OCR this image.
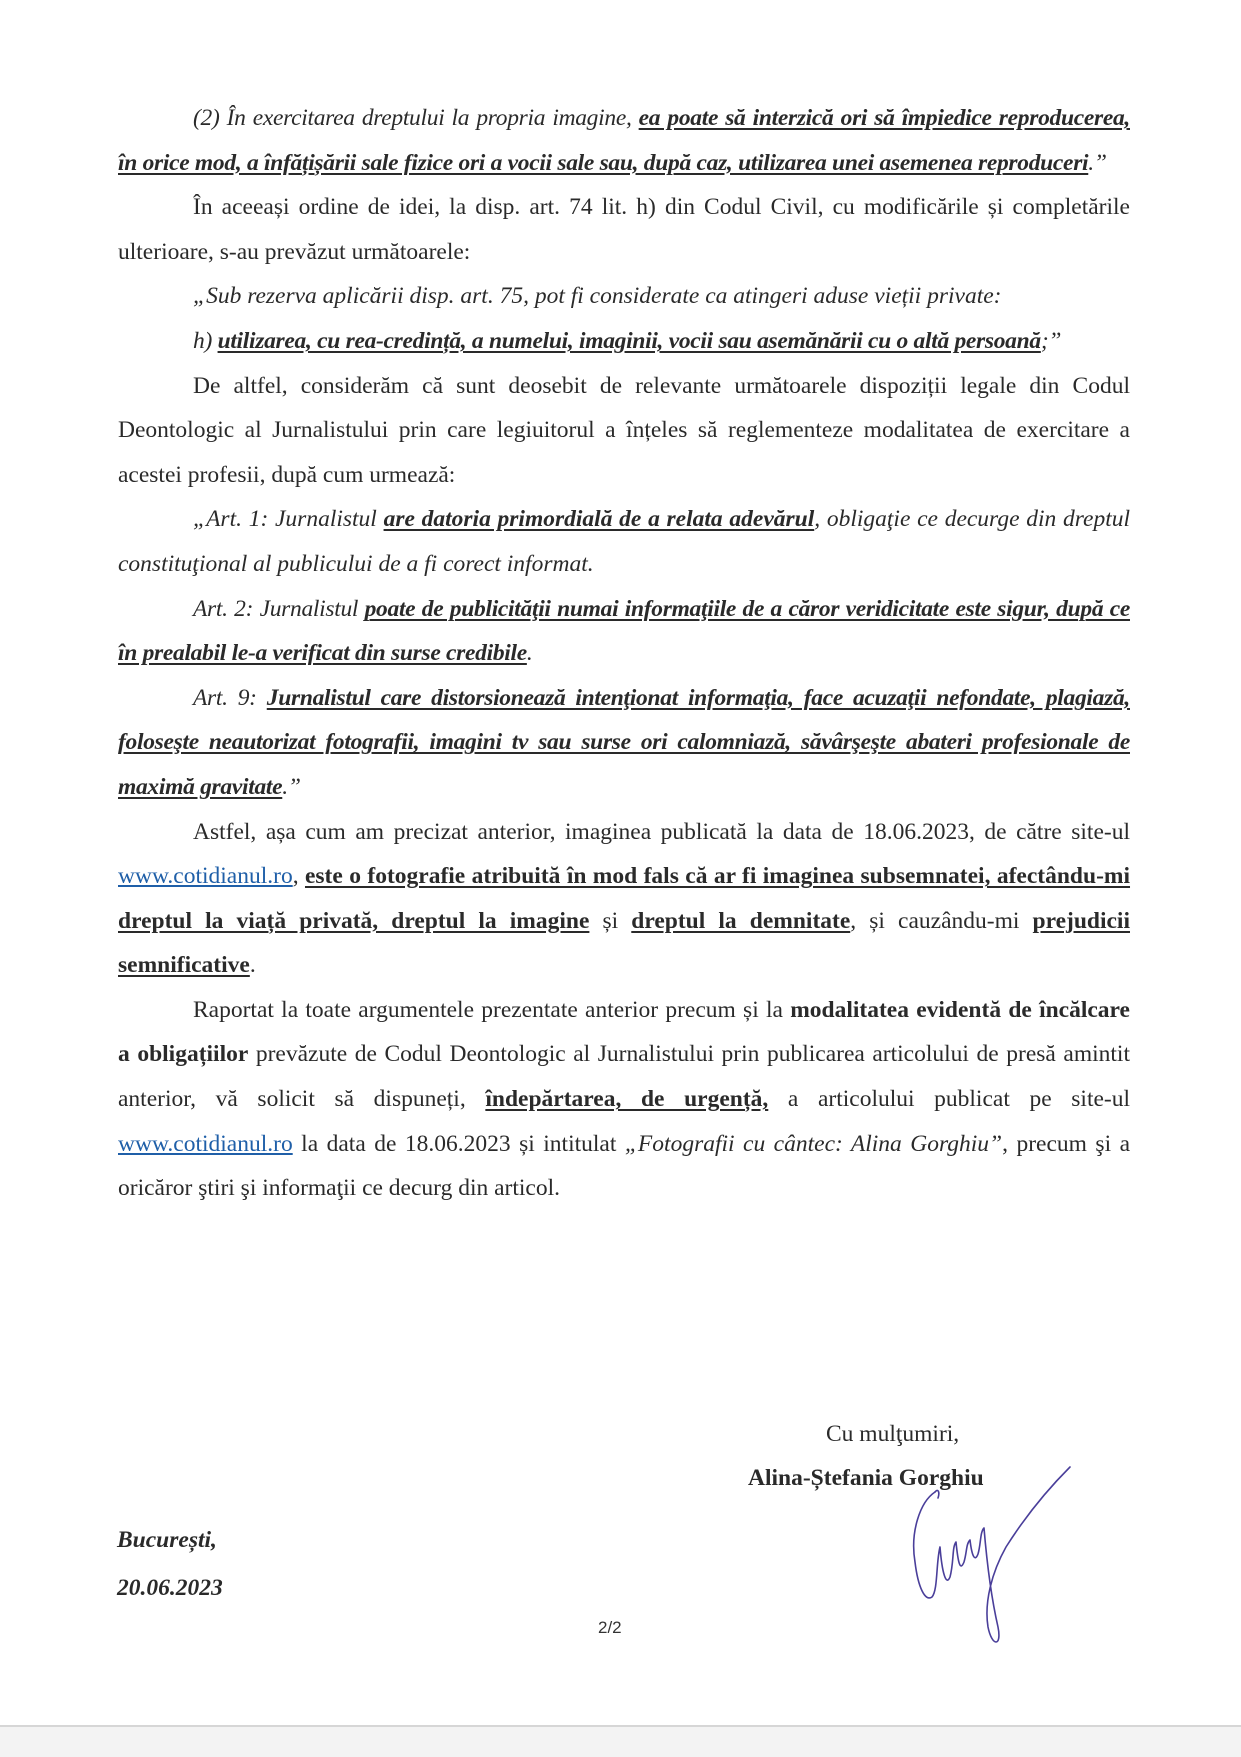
(2) În exercitarea dreptului la propria imagine, ea poate să interzică ori să împiedice reproducerea, în orice mod, a înfățișării sale fizice ori a vocii sale sau, după caz, utilizarea unei asemenea reproduceri.”

În aceeași ordine de idei, la disp. art. 74 lit. h) din Codul Civil, cu modificările și completările ulterioare, s-au prevăzut următoarele:

„Sub rezerva aplicării disp. art. 75, pot fi considerate ca atingeri aduse vieții private:

h) utilizarea, cu rea-credință, a numelui, imaginii, vocii sau asemănării cu o altă persoană;”

De altfel, considerăm că sunt deosebit de relevante următoarele dispoziții legale din Codul Deontologic al Jurnalistului prin care legiuitorul a înțeles să reglementeze modalitatea de exercitare a acestei profesii, după cum urmează:

„Art. 1: Jurnalistul are datoria primordială de a relata adevărul, obligaţie ce decurge din dreptul constituţional al publicului de a fi corect informat.

Art. 2: Jurnalistul poate de publicităţii numai informaţiile de a căror veridicitate este sigur, după ce în prealabil le-a verificat din surse credibile.

Art. 9: Jurnalistul care distorsionează intenţionat informaţia, face acuzaţii nefondate, plagiază, foloseşte neautorizat fotografii, imagini tv sau surse ori calomniază, săvârşeşte abateri profesionale de maximă gravitate.”

Astfel, așa cum am precizat anterior, imaginea publicată la data de 18.06.2023, de către site-ul www.cotidianul.ro, este o fotografie atribuită în mod fals că ar fi imaginea subsemnatei, afectându-mi dreptul la viață privată, dreptul la imagine și dreptul la demnitate, și cauzându-mi prejudicii semnificative.

Raportat la toate argumentele prezentate anterior precum și la modalitatea evidentă de încălcare a obligațiilor prevăzute de Codul Deontologic al Jurnalistului prin publicarea articolului de presă amintit anterior, vă solicit să dispuneți, îndepărtarea, de urgență, a articolului publicat pe site-ul www.cotidianul.ro la data de 18.06.2023 și intitulat „Fotografii cu cântec: Alina Gorghiu”, precum şi a oricăror ştiri şi informaţii ce decurg din articol.

Cu mulţumiri,
Alina-Ștefania Gorghiu
București,
20.06.2023
2/2
